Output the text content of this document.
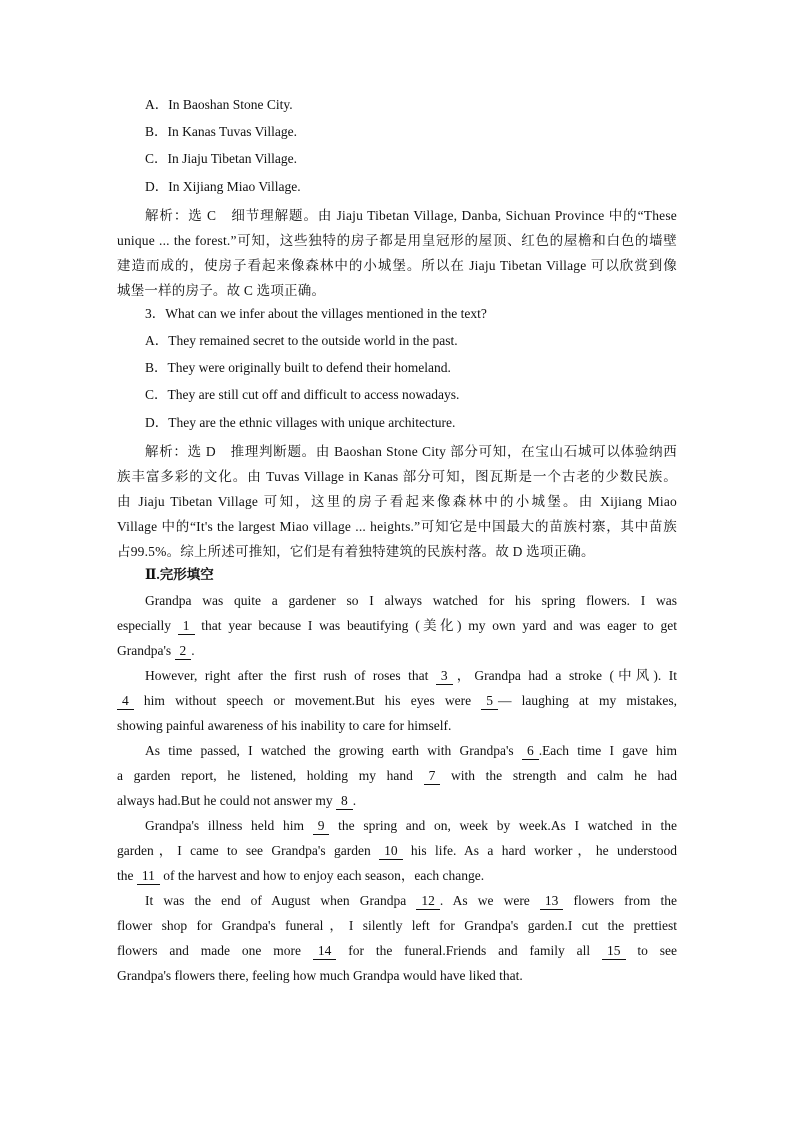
A．In Baoshan Stone City.
B．In Kanas Tuvas Village.
C．In Jiaju Tibetan Village.
D．In Xijiang Miao Village.
解析：选 C　细节理解题。由 Jiaju Tibetan Village, Danba, Sichuan Province 中的“These
unique ... the forest.”可知，这些独特的房子都是用皇冠形的屋顶、红色的屋檐和白色的墙壁
建造而成的，使房子看起来像森林中的小城堡。所以在 Jiaju Tibetan Village 可以欣赏到像
城堡一样的房子。故 C 选项正确。
3．What can we infer about the villages mentioned in the text?
A．They remained secret to the outside world in the past.
B．They were originally built to defend their homeland.
C．They are still cut off and difficult to access nowadays.
D．They are the ethnic villages with unique architecture.
解析：选 D　推理判断题。由 Baoshan Stone City 部分可知，在宝山石城可以体验纳西
族丰富多彩的文化。由 Tuvas Village in Kanas 部分可知，图瓦斯是一个古老的少数民族。
由 Jiaju Tibetan Village 可知，这里的房子看起来像森林中的小城堡。由 Xijiang Miao
Village 中的“It's the largest Miao village ... heights.”可知它是中国最大的苗族村寨，其中苗族
占99.5%。综上所述可推知，它们是有着独特建筑的民族村落。故 D 选项正确。
Ⅱ.完形填空
Grandpa was quite a gardener so I always watched for his spring flowers. I was
especially 1 that year because I was beautifying (美化) my own yard and was eager to get
Grandpa's 2 .
However, right after the first rush of roses that 3 ，Grandpa had a stroke (中风). It
4 him without speech or movement.But his eyes were 5 — laughing at my mistakes,
showing painful awareness of his inability to care for himself.
As time passed, I watched the growing earth with Grandpa's 6 .Each time I gave him
a garden report, he listened, holding my hand 7 with the strength and calm he had
always had.But he could not answer my 8 .
Grandpa's illness held him 9 the spring and on, week by week.As I watched in the
garden，I came to see Grandpa's garden 10 his life. As a hard worker，he understood
the 11 of the harvest and how to enjoy each season，each change.
It was the end of August when Grandpa 12 . As we were 13 flowers from the
flower shop for Grandpa's funeral，I silently left for Grandpa's garden.I cut the prettiest
flowers and made one more 14 for the funeral.Friends and family all 15 to see
Grandpa's flowers there, feeling how much Grandpa would have liked that.
